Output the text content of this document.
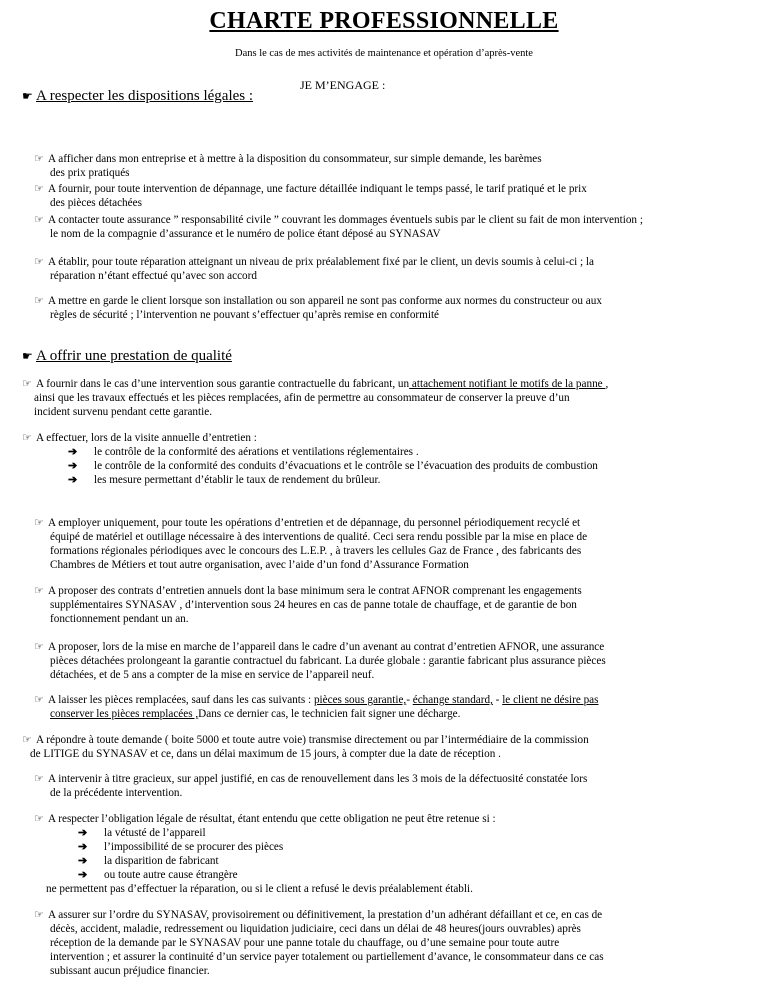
CHARTE PROFESSIONNELLE
Dans le cas de mes activités de maintenance et opération d’après-vente
JE M’ENGAGE :
☛ A respecter les dispositions légales :
☞ A afficher dans mon entreprise et à mettre à la disposition du consommateur, sur simple demande, les barèmes
des prix pratiqués
☞ A fournir, pour toute intervention de dépannage, une facture détaillée indiquant le temps passé, le tarif pratiqué et le prix
des pièces détachées
☞ A contacter toute assurance ” responsabilité civile ” couvrant les dommages éventuels subis par le client su fait de mon intervention ;
le nom de la compagnie d’assurance et le numéro de police étant déposé au SYNASAV
☞ A établir, pour toute réparation atteignant un niveau de prix préalablement fixé par le client, un devis soumis à celui-ci ; la
réparation n’étant effectué qu’avec son accord
☞ A mettre en garde le client lorsque son installation ou son appareil ne sont pas conforme aux normes du constructeur ou aux
règles de sécurité ; l’intervention ne pouvant s’effectuer qu’après remise en conformité
☛ A offrir une prestation de qualité
☞ A fournir dans le cas d’une intervention sous garantie contractuelle du fabricant, un attachement notifiant le motifs de la panne ,
ainsi que les travaux effectués et les pièces remplacées, afin de permettre au consommateur de conserver la preuve d’un
incident survenu pendant cette garantie.
☞ A effectuer, lors de la visite annuelle d’entretien :
➔ le contrôle de la conformité des aérations et ventilations réglementaires .
➔ le contrôle de la conformité des conduits d’évacuations et le contrôle se l’évacuation des produits de combustion
➔ les mesure permettant d’établir le taux de rendement du brûleur.
☞ A employer uniquement, pour toute les opérations d’entretien et de dépannage, du personnel périodiquement recyclé et
équipé de matériel et outillage nécessaire à des interventions de qualité. Ceci sera rendu possible par la mise en place de
formations régionales périodiques avec le concours des L.E.P. , à travers les cellules Gaz de France , des fabricants des
Chambres de Métiers et tout autre organisation, avec l’aide d’un fond d’Assurance Formation
☞ A proposer des contrats d’entretien annuels dont la base minimum sera le contrat AFNOR comprenant les engagements
supplémentaires SYNASAV , d’intervention sous 24 heures en cas de panne totale de chauffage, et de garantie de bon
fonctionnement pendant un an.
☞ A proposer, lors de la mise en marche de l’appareil dans le cadre d’un avenant au contrat d’entretien AFNOR, une assurance
pièces détachées prolongeant la garantie contractuel du fabricant. La durée globale : garantie fabricant plus assurance pièces
détachées, et de 5 ans a compter de la mise en service de l’appareil neuf.
☞ A laisser les pièces remplacées, sauf dans les cas suivants : pièces sous garantie,- échange standard, - le client ne désire pas
conserver les pièces remplacées ,Dans ce dernier cas, le technicien fait signer une décharge.
☞ A répondre à toute demande ( boite 5000 et toute autre voie) transmise directement ou par l’intermédiaire de la commission
de LITIGE du SYNASAV et ce, dans un délai maximum de 15 jours, à compter due la date de réception .
☞ A intervenir à titre gracieux, sur appel justifié, en cas de renouvellement dans les 3 mois de la défectuosité constatée lors
de la précédente intervention.
☞ A respecter l’obligation légale de résultat, étant entendu que cette obligation ne peut être retenue si :
➔ la vétusté de l’appareil
➔ l’impossibilité de se procurer des pièces
➔ la disparition de fabricant
➔ ou toute autre cause étrangère
ne permettent pas d’effectuer la réparation, ou si le client a refusé le devis préalablement établi.
☞ A assurer sur l’ordre du SYNASAV, provisoirement ou définitivement, la prestation d’un adhérant défaillant et ce, en cas de
décès, accident, maladie, redressement ou liquidation judiciaire, ceci dans un délai de 48 heures(jours ouvrables) après
réception de la demande par le SYNASAV pour une panne totale du chauffage, ou d’une semaine pour toute autre
intervention ; et assurer la continuité d’un service payer totalement ou partiellement d’avance, le consommateur dans ce cas
subissant aucun préjudice financier.
